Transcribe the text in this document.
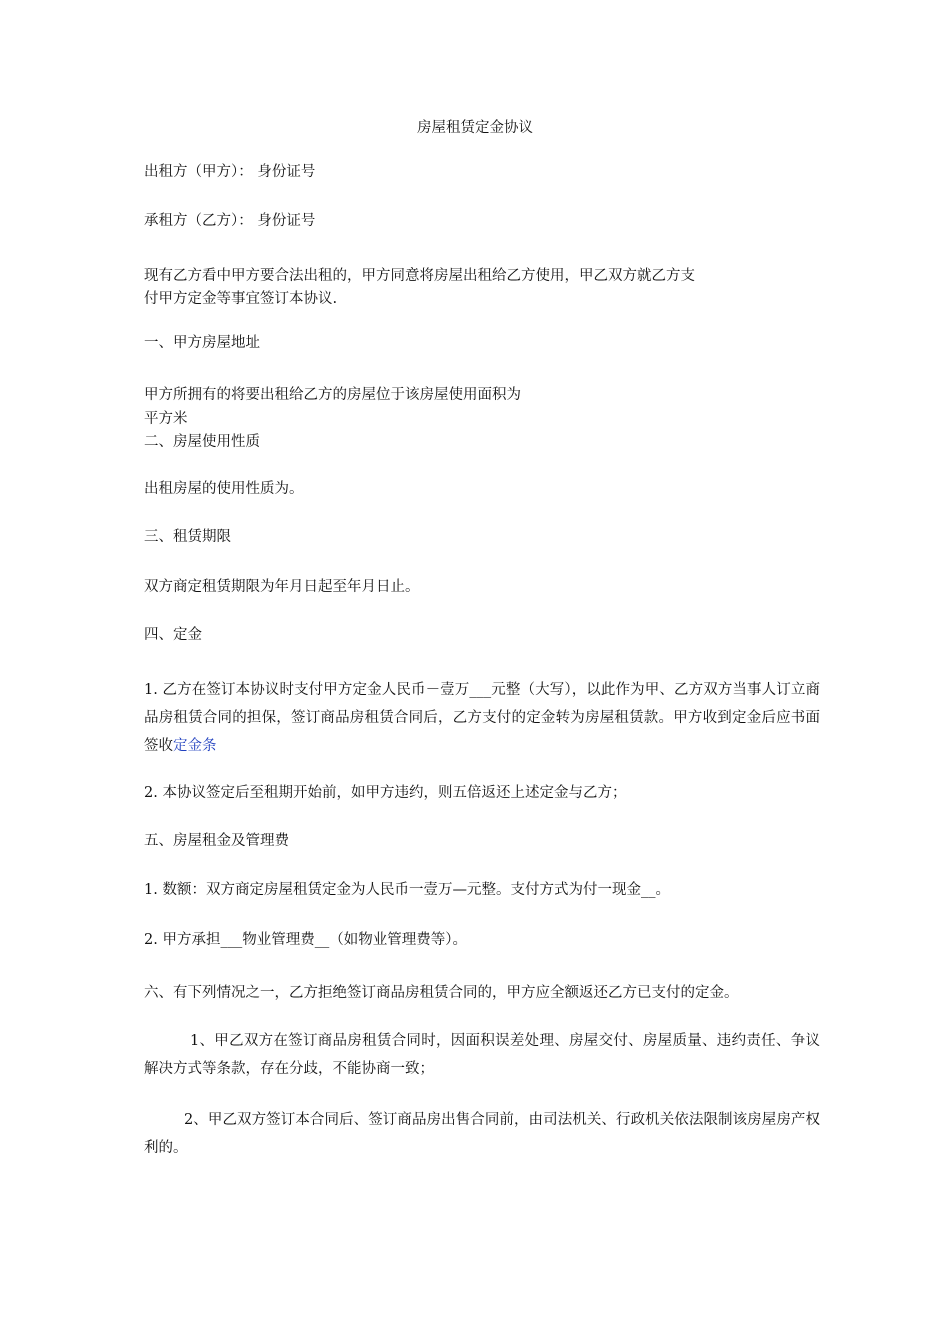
房屋租赁定金协议
出租方（甲方）： 身份证号
承租方（乙方）： 身份证号
现有乙方看中甲方要合法出租的，甲方同意将房屋出租给乙方使用，甲乙双方就乙方支
付甲方定金等事宜签订本协议.
一、甲方房屋地址
甲方所拥有的将要出租给乙方的房屋位于该房屋使用面积为
平方米
二、房屋使用性质
出租房屋的使用性质为。
三、租赁期限
双方商定租赁期限为年月日起至年月日止。
四、定金
1. 乙方在签订本协议时支付甲方定金人民币－壹万___元整（大写），以此作为甲、乙方双方当事人订立商品房租赁合同的担保，签订商品房租赁合同后，乙方支付的定金转为房屋租赁款。甲方收到定金后应书面签收定金条
2. 本协议签定后至租期开始前，如甲方违约，则五倍返还上述定金与乙方；
五、房屋租金及管理费
1. 数额：双方商定房屋租赁定金为人民币一壹万—元整。支付方式为付一现金__。
2. 甲方承担___物业管理费__（如物业管理费等）。
六、有下列情况之一，乙方拒绝签订商品房租赁合同的，甲方应全额返还乙方已支付的定金。
1、甲乙双方在签订商品房租赁合同时，因面积误差处理、房屋交付、房屋质量、违约责任、争议解决方式等条款，存在分歧，不能协商一致；
2、甲乙双方签订本合同后、签订商品房出售合同前，由司法机关、行政机关依法限制该房屋房产权利的。
